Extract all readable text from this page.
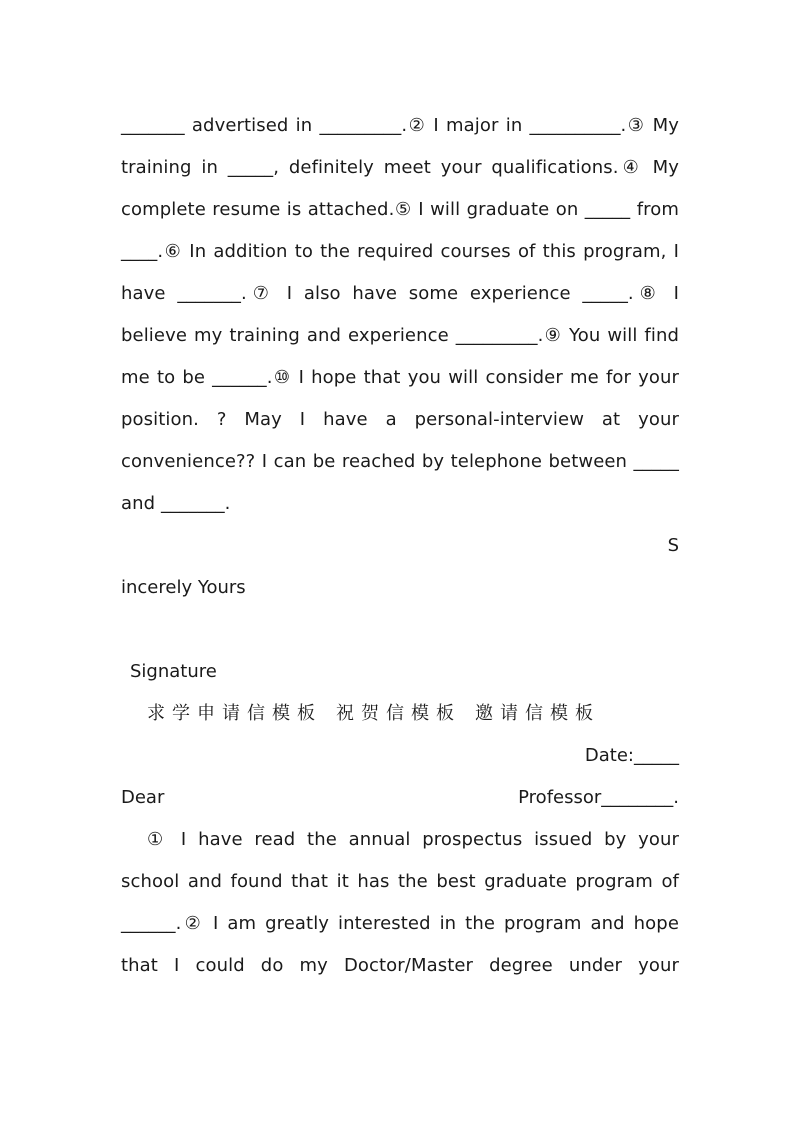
_______ advertised in _________.② I major in __________.③ My training in _____, definitely meet your qualifications.④ My complete resume is attached.⑤ I will graduate on _____ from ____.⑥ In addition to the required courses of this program, I have _______.⑦ I also have some experience _____.⑧ I believe my training and experience _________.⑨ You will find me to be ______.⑩ I hope that you will consider me for your position. ? May I have a personal-interview at your convenience?? I can be reached by telephone between _____ and _______.

S

incerely Yours

Signature

求学申请信模板 祝贺信模板 邀请信模板

Date:_____

Dear	Professor________.

① I have read the annual prospectus issued by your school and found that it has the best graduate program of ______.② I am greatly interested in the program and hope that I could do my Doctor/Master degree under your
